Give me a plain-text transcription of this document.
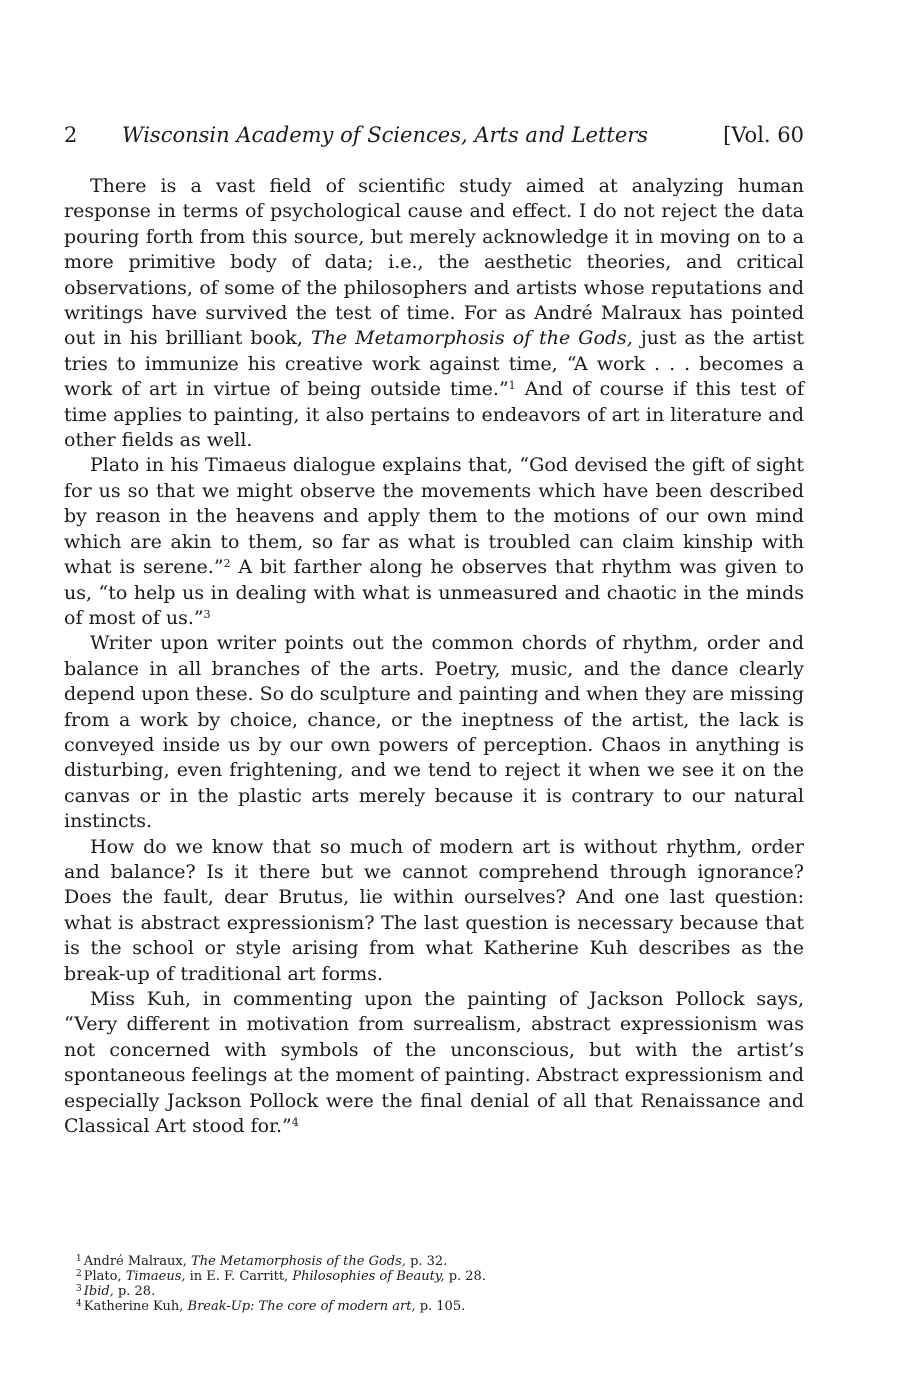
2	Wisconsin Academy of Sciences, Arts and Letters	[Vol. 60

There is a vast field of scientific study aimed at analyzing human response in terms of psychological cause and effect. I do not reject the data pouring forth from this source, but merely acknowledge it in moving on to a more primitive body of data; i.e., the aesthetic theories, and critical observations, of some of the philosophers and artists whose reputations and writings have survived the test of time. For as André Malraux has pointed out in his brilliant book, The Metamorphosis of the Gods, just as the artist tries to immunize his creative work against time, “A work . . . becomes a work of art in virtue of being outside time.”$^1$ And of course if this test of time applies to painting, it also pertains to endeavors of art in literature and other fields as well.

Plato in his Timaeus dialogue explains that, “God devised the gift of sight for us so that we might observe the movements which have been described by reason in the heavens and apply them to the motions of our own mind which are akin to them, so far as what is troubled can claim kinship with what is serene.”$^2$ A bit farther along he observes that rhythm was given to us, “to help us in dealing with what is unmeasured and chaotic in the minds of most of us.”$^3$

Writer upon writer points out the common chords of rhythm, order and balance in all branches of the arts. Poetry, music, and the dance clearly depend upon these. So do sculpture and painting and when they are missing from a work by choice, chance, or the ineptness of the artist, the lack is conveyed inside us by our own powers of perception. Chaos in anything is disturbing, even frightening, and we tend to reject it when we see it on the canvas or in the plastic arts merely because it is contrary to our natural instincts.

How do we know that so much of modern art is without rhythm, order and balance? Is it there but we cannot comprehend through ignorance? Does the fault, dear Brutus, lie within ourselves? And one last question: what is abstract expressionism? The last question is necessary because that is the school or style arising from what Katherine Kuh describes as the break-up of traditional art forms.

Miss Kuh, in commenting upon the painting of Jackson Pollock says, “Very different in motivation from surrealism, abstract expressionism was not concerned with symbols of the unconscious, but with the artist’s spontaneous feelings at the moment of painting. Abstract expressionism and especially Jackson Pollock were the final denial of all that Renaissance and Classical Art stood for.”$^4$

$^1$ André Malraux, The Metamorphosis of the Gods, p. 32.

$^2$ Plato, Timaeus, in E. F. Carritt, Philosophies of Beauty, p. 28.

$^3$ Ibid, p. 28.

$^4$ Katherine Kuh, Break-Up: The core of modern art, p. 105.
